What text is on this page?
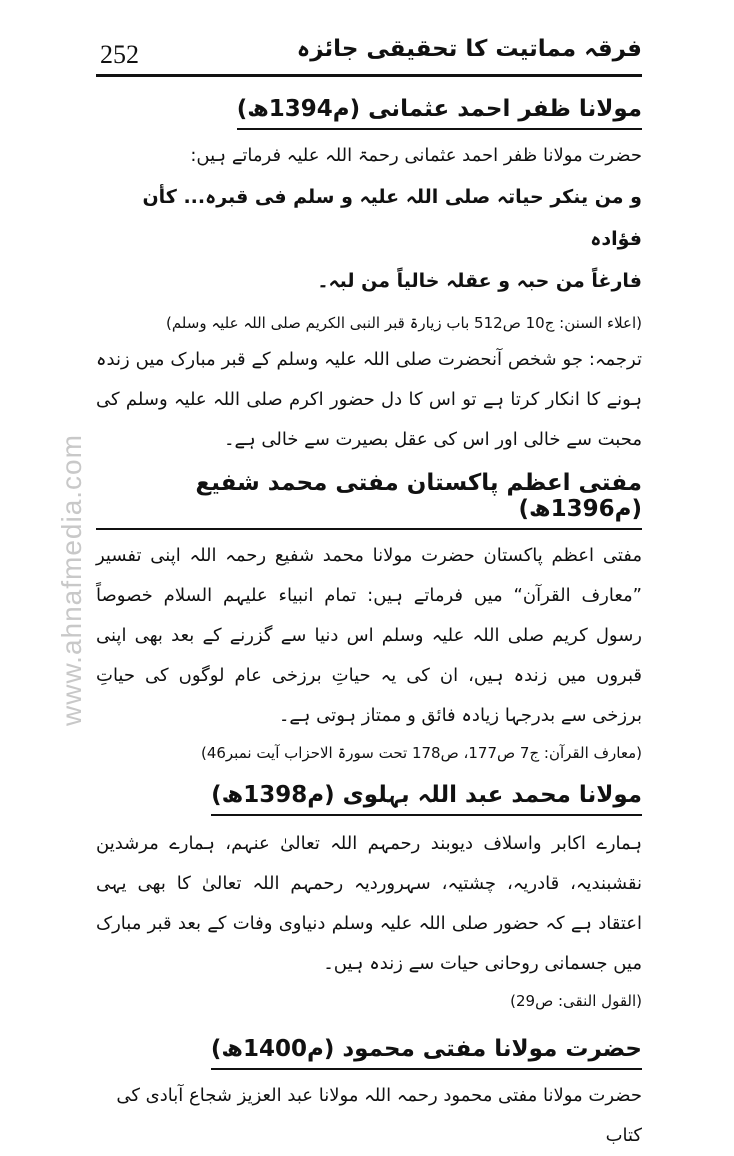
252	فرقہ مماتیت کا تحقیقی جائزہ
www.ahnafmedia.com
مولانا ظفر احمد عثمانی (م1394ھ)

حضرت مولانا ظفر احمد عثمانی رحمۃ اللہ علیہ فرماتے ہیں:

و من ینکر حیاتہ صلی اللہ علیہ و سلم فی قبرہ... کأن فؤادہ

فارغاً من حبہ و عقلہ خالیاً من لبہ۔

(اعلاء السنن: ج10 ص512 باب زیارۃ قبر النبی الکریم صلی اللہ علیہ وسلم)

ترجمہ: جو شخص آنحضرت صلی اللہ علیہ وسلم کے قبر مبارک میں زندہ ہونے کا انکار کرتا ہے تو اس کا دل حضور اکرم صلی اللہ علیہ وسلم کی محبت سے خالی اور اس کی عقل بصیرت سے خالی ہے۔

مفتی اعظم پاکستان مفتی محمد شفیع (م1396ھ)

مفتی اعظم پاکستان حضرت مولانا محمد شفیع رحمہ اللہ اپنی تفسیر ”معارف القرآن“ میں فرماتے ہیں: تمام انبیاء علیہم السلام خصوصاً رسول کریم صلی اللہ علیہ وسلم اس دنیا سے گزرنے کے بعد بھی اپنی قبروں میں زندہ ہیں، ان کی یہ حیاتِ برزخی عام لوگوں کی حیاتِ برزخی سے بدرجہا زیادہ فائق و ممتاز ہوتی ہے۔

(معارف القرآن: ج7 ص177، ص178 تحت سورۃ الاحزاب آیت نمبر46)

مولانا محمد عبد اللہ بہلوی (م1398ھ)

ہمارے اکابر واسلاف دیوبند رحمہم اللہ تعالیٰ عنہم، ہمارے مرشدین نقشبندیہ، قادریہ، چشتیہ، سہروردیہ رحمہم اللہ تعالیٰ کا بھی یہی اعتقاد ہے کہ حضور صلی اللہ علیہ وسلم دنیاوی وفات کے بعد قبر مبارک میں جسمانی روحانی حیات سے زندہ ہیں۔

(القول النقی: ص29)

حضرت مولانا مفتی محمود (م1400ھ)

حضرت مولانا مفتی محمود رحمہ اللہ مولانا عبد العزیز شجاع آبادی کی کتاب
